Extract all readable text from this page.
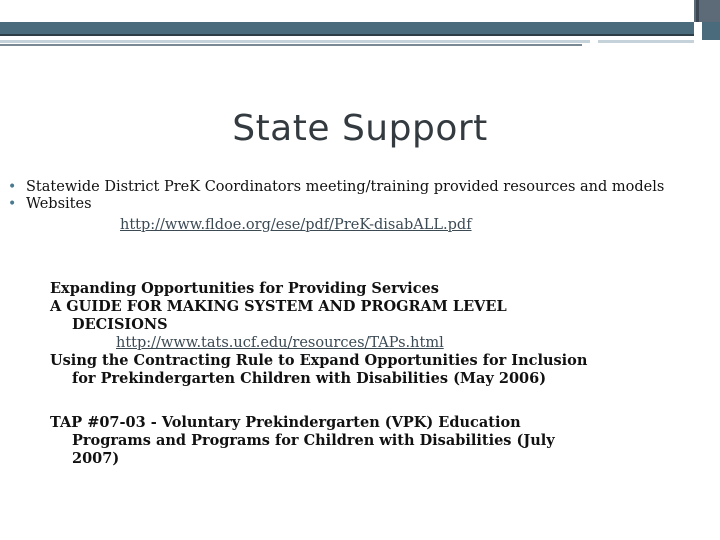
State Support
• Statewide District PreK Coordinators meeting/training provided resources and models
• Websites
http://www.fldoe.org/ese/pdf/PreK-disabALL.pdf
Expanding Opportunities for Providing Services
A GUIDE FOR MAKING SYSTEM AND PROGRAM LEVEL
DECISIONS
http://www.tats.ucf.edu/resources/TAPs.html
Using the Contracting Rule to Expand Opportunities for Inclusion
for Prekindergarten Children with Disabilities (May 2006)
TAP #07-03 - Voluntary Prekindergarten (VPK) Education
Programs and Programs for Children with Disabilities (July
2007)
